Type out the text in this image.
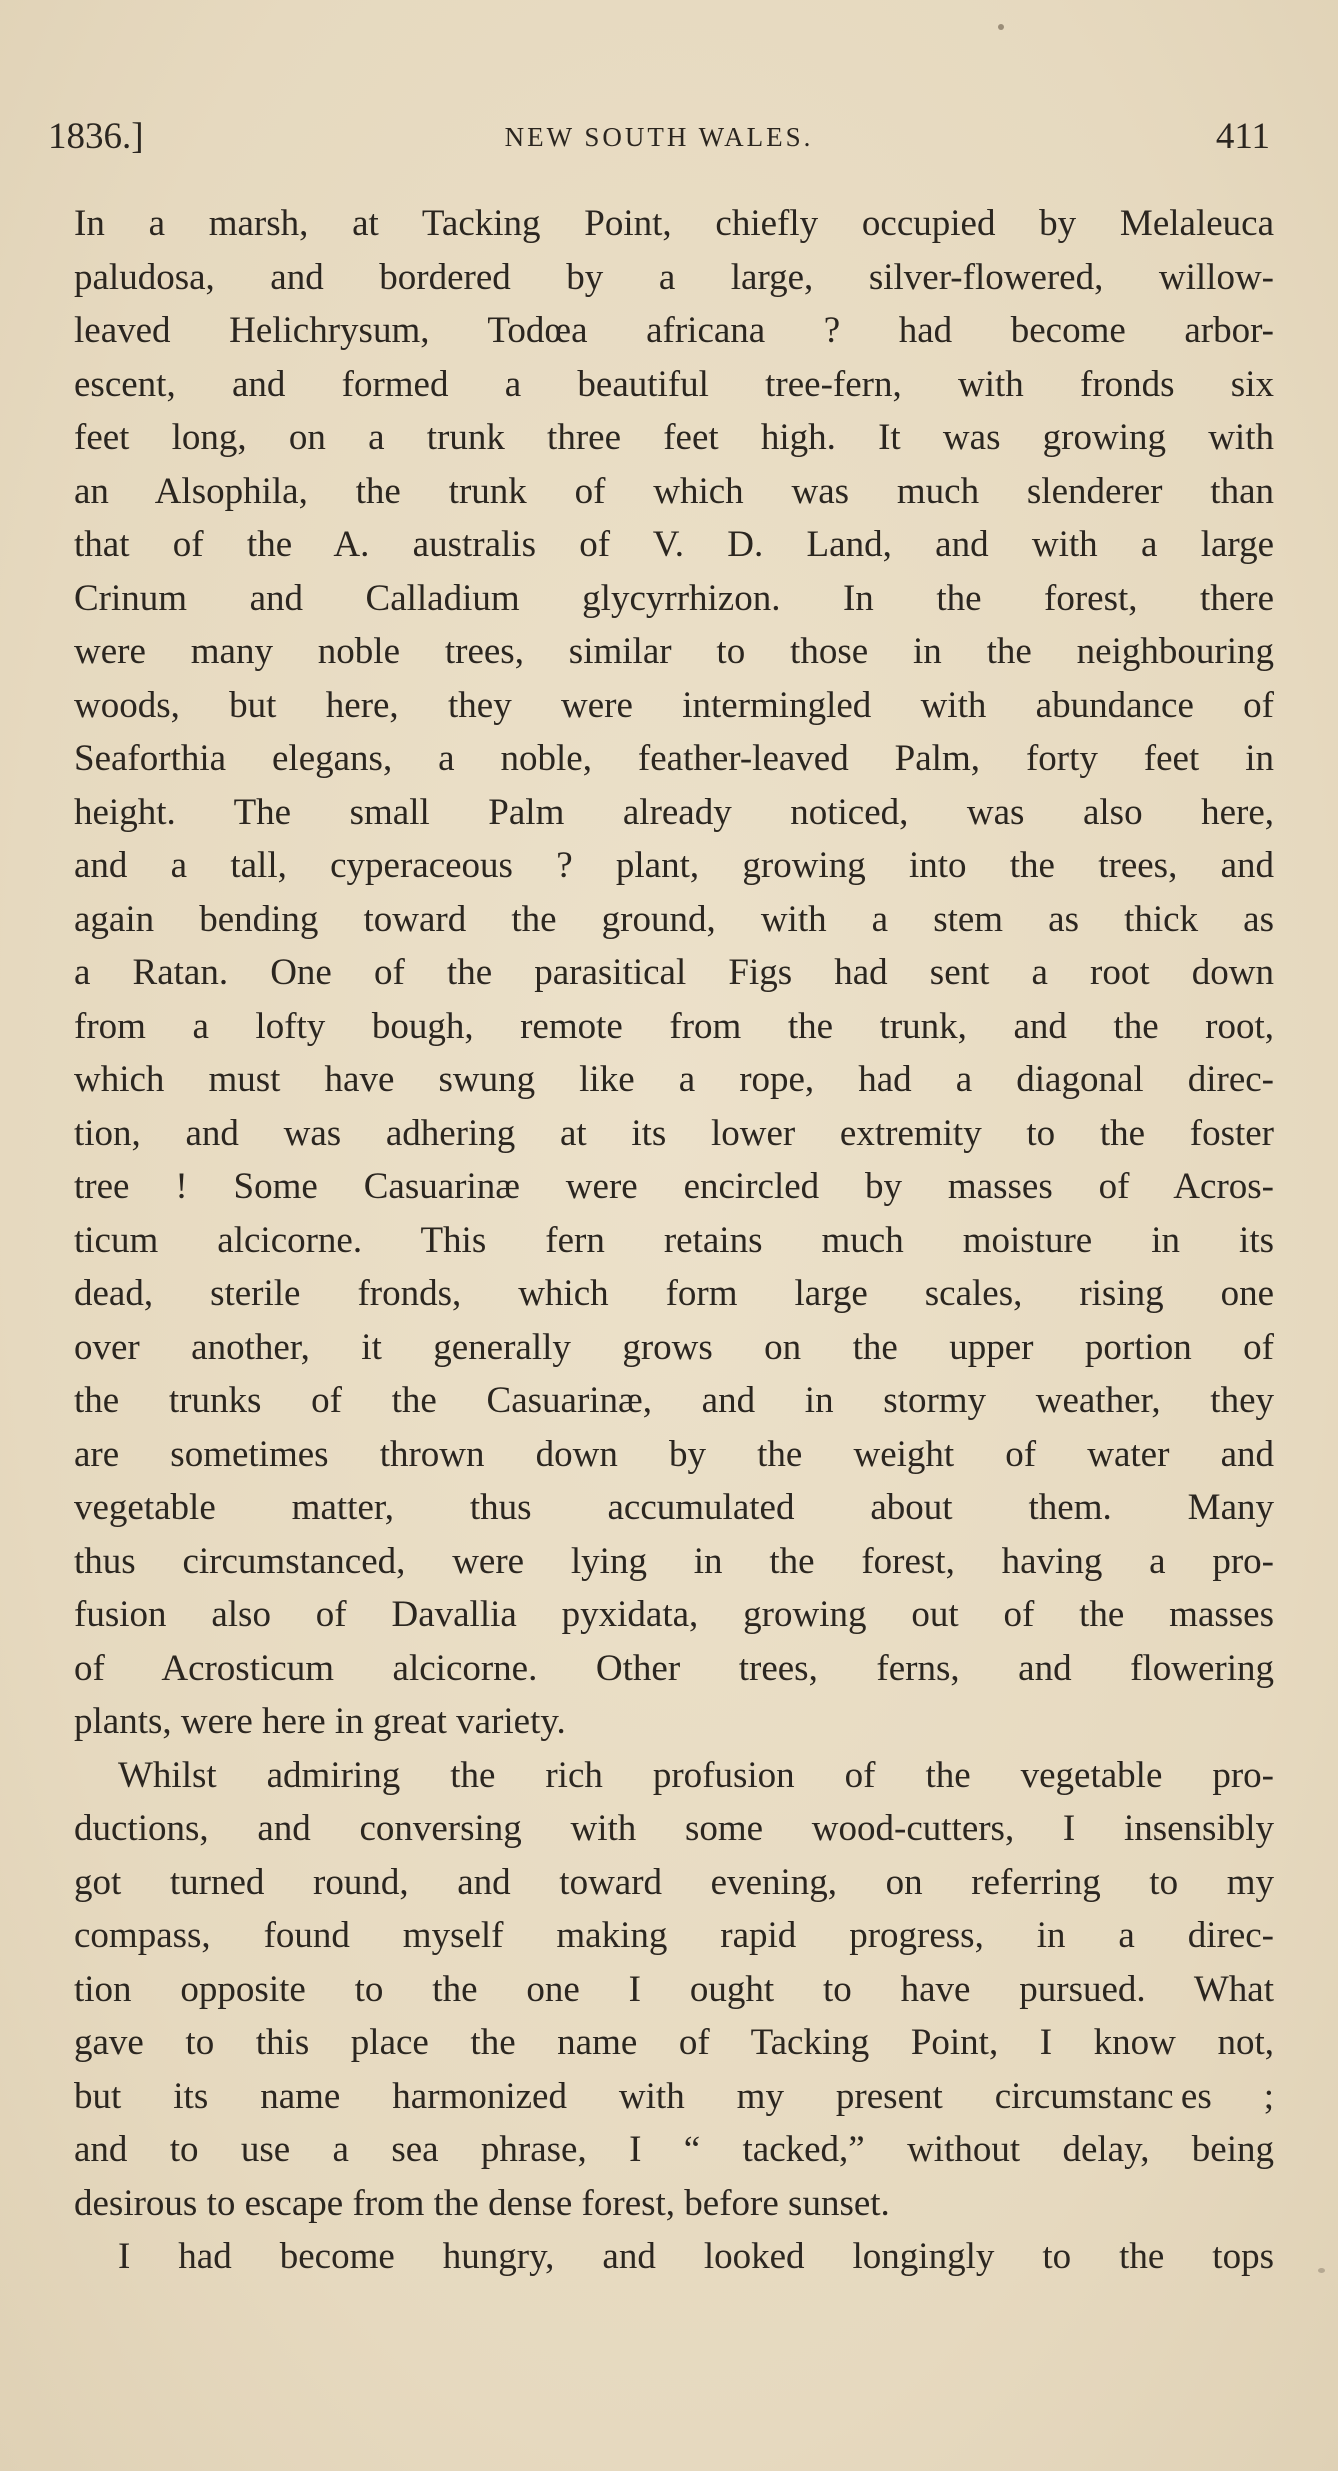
1836.]	NEW SOUTH WALES.	411
In a marsh, at Tacking Point, chiefly occupied by Melaleuca
paludosa, and bordered by a large, silver-flowered, willow-
leaved Helichrysum, Todœa africana ? had become arbor-
escent, and formed a beautiful tree-fern, with fronds six
feet long, on a trunk three feet high. It was growing with
an Alsophila, the trunk of which was much slenderer than
that of the A. australis of V. D. Land, and with a large
Crinum and Calladium glycyrrhizon. In the forest, there
were many noble trees, similar to those in the neighbouring
woods, but here, they were intermingled with abundance of
Seaforthia elegans, a noble, feather-leaved Palm, forty feet in
height. The small Palm already noticed, was also here,
and a tall, cyperaceous ? plant, growing into the trees, and
again bending toward the ground, with a stem as thick as
a Ratan. One of the parasitical Figs had sent a root down
from a lofty bough, remote from the trunk, and the root,
which must have swung like a rope, had a diagonal direc-
tion, and was adhering at its lower extremity to the foster
tree ! Some Casuarinæ were encircled by masses of Acros-
ticum alcicorne. This fern retains much moisture in its
dead, sterile fronds, which form large scales, rising one
over another, it generally grows on the upper portion of
the trunks of the Casuarinæ, and in stormy weather, they
are sometimes thrown down by the weight of water and
vegetable matter, thus accumulated about them. Many
thus circumstanced, were lying in the forest, having a pro-
fusion also of Davallia pyxidata, growing out of the masses
of Acrosticum alcicorne. Other trees, ferns, and flowering
plants, were here in great variety.
Whilst admiring the rich profusion of the vegetable pro-
ductions, and conversing with some wood-cutters, I insensibly
got turned round, and toward evening, on referring to my
compass, found myself making rapid progress, in a direc-
tion opposite to the one I ought to have pursued. What
gave to this place the name of Tacking Point, I know not,
but its name harmonized with my present circumstanc es ;
and to use a sea phrase, I “ tacked,” without delay, being
desirous to escape from the dense forest, before sunset.
I had become hungry, and looked longingly to the tops
